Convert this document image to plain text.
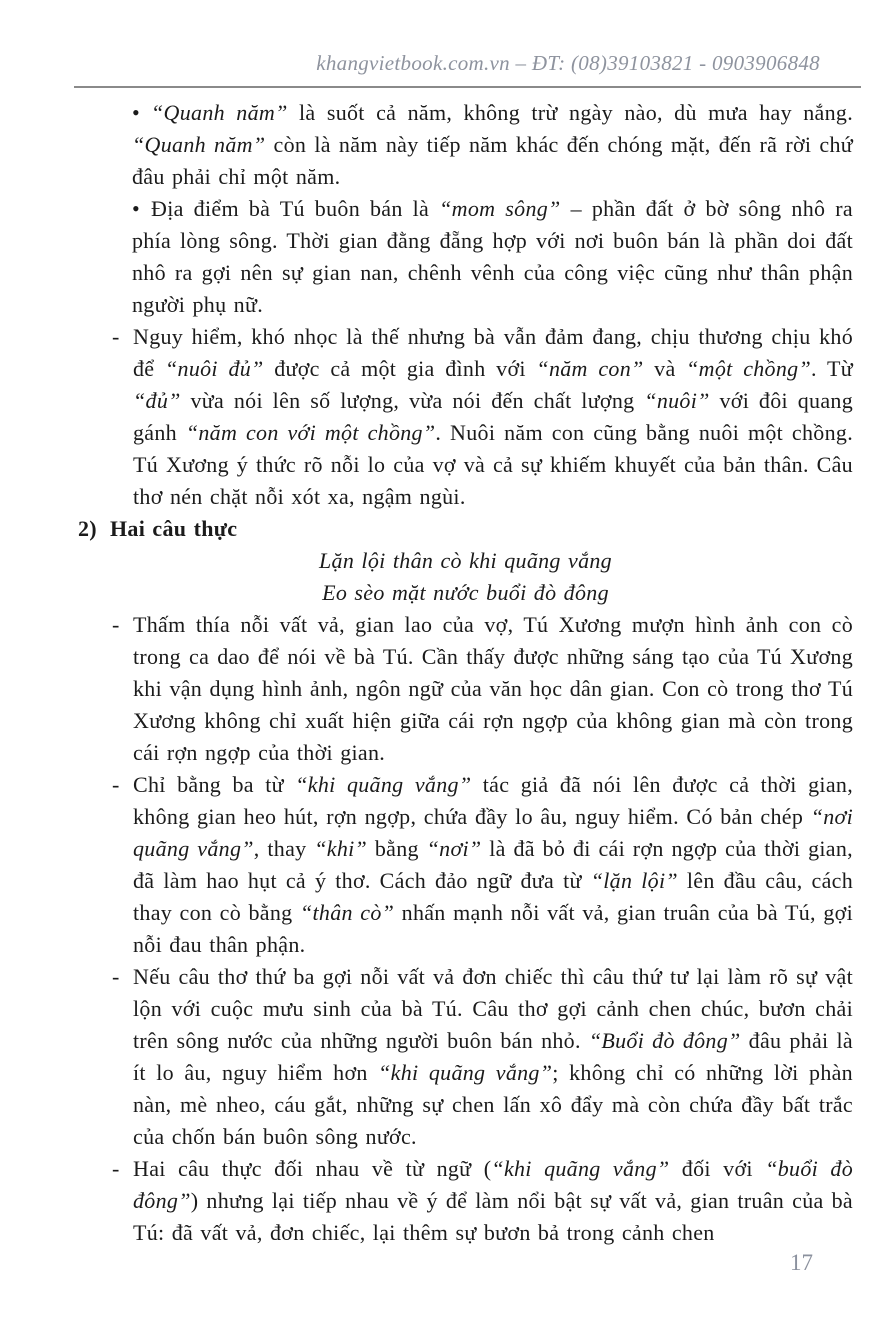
khangvietbook.com.vn – ĐT: (08)39103821 - 0903906848
• “Quanh năm” là suốt cả năm, không trừ ngày nào, dù mưa hay nắng. “Quanh năm” còn là năm này tiếp năm khác đến chóng mặt, đến rã rời chứ đâu phải chỉ một năm.
• Địa điểm bà Tú buôn bán là “mom sông” – phần đất ở bờ sông nhô ra phía lòng sông. Thời gian đằng đẵng hợp với nơi buôn bán là phần doi đất nhô ra gợi nên sự gian nan, chênh vênh của công việc cũng như thân phận người phụ nữ.
- Nguy hiểm, khó nhọc là thế nhưng bà vẫn đảm đang, chịu thương chịu khó để “nuôi đủ” được cả một gia đình với “năm con” và “một chồng”. Từ “đủ” vừa nói lên số lượng, vừa nói đến chất lượng “nuôi” với đôi quang gánh “năm con với một chồng”. Nuôi năm con cũng bằng nuôi một chồng. Tú Xương ý thức rõ nỗi lo của vợ và cả sự khiếm khuyết của bản thân. Câu thơ nén chặt nỗi xót xa, ngậm ngùi.
2) Hai câu thực
Lặn lội thân cò khi quãng vắng
Eo sèo mặt nước buổi đò đông
- Thấm thía nỗi vất vả, gian lao của vợ, Tú Xương mượn hình ảnh con cò trong ca dao để nói về bà Tú. Cần thấy được những sáng tạo của Tú Xương khi vận dụng hình ảnh, ngôn ngữ của văn học dân gian. Con cò trong thơ Tú Xương không chỉ xuất hiện giữa cái rợn ngợp của không gian mà còn trong cái rợn ngợp của thời gian.
- Chỉ bằng ba từ “khi quãng vắng” tác giả đã nói lên được cả thời gian, không gian heo hút, rợn ngợp, chứa đầy lo âu, nguy hiểm. Có bản chép “nơi quãng vắng”, thay “khi” bằng “nơi” là đã bỏ đi cái rợn ngợp của thời gian, đã làm hao hụt cả ý thơ. Cách đảo ngữ đưa từ “lặn lội” lên đầu câu, cách thay con cò bằng “thân cò” nhấn mạnh nỗi vất vả, gian truân của bà Tú, gợi nỗi đau thân phận.
- Nếu câu thơ thứ ba gợi nỗi vất vả đơn chiếc thì câu thứ tư lại làm rõ sự vật lộn với cuộc mưu sinh của bà Tú. Câu thơ gợi cảnh chen chúc, bươn chải trên sông nước của những người buôn bán nhỏ. “Buổi đò đông” đâu phải là ít lo âu, nguy hiểm hơn “khi quãng vắng”; không chỉ có những lời phàn nàn, mè nheo, cáu gắt, những sự chen lấn xô đẩy mà còn chứa đầy bất trắc của chốn bán buôn sông nước.
- Hai câu thực đối nhau về từ ngữ (“khi quãng vắng” đối với “buổi đò đông”) nhưng lại tiếp nhau về ý để làm nổi bật sự vất vả, gian truân của bà Tú: đã vất vả, đơn chiếc, lại thêm sự bươn bả trong cảnh chen
17
